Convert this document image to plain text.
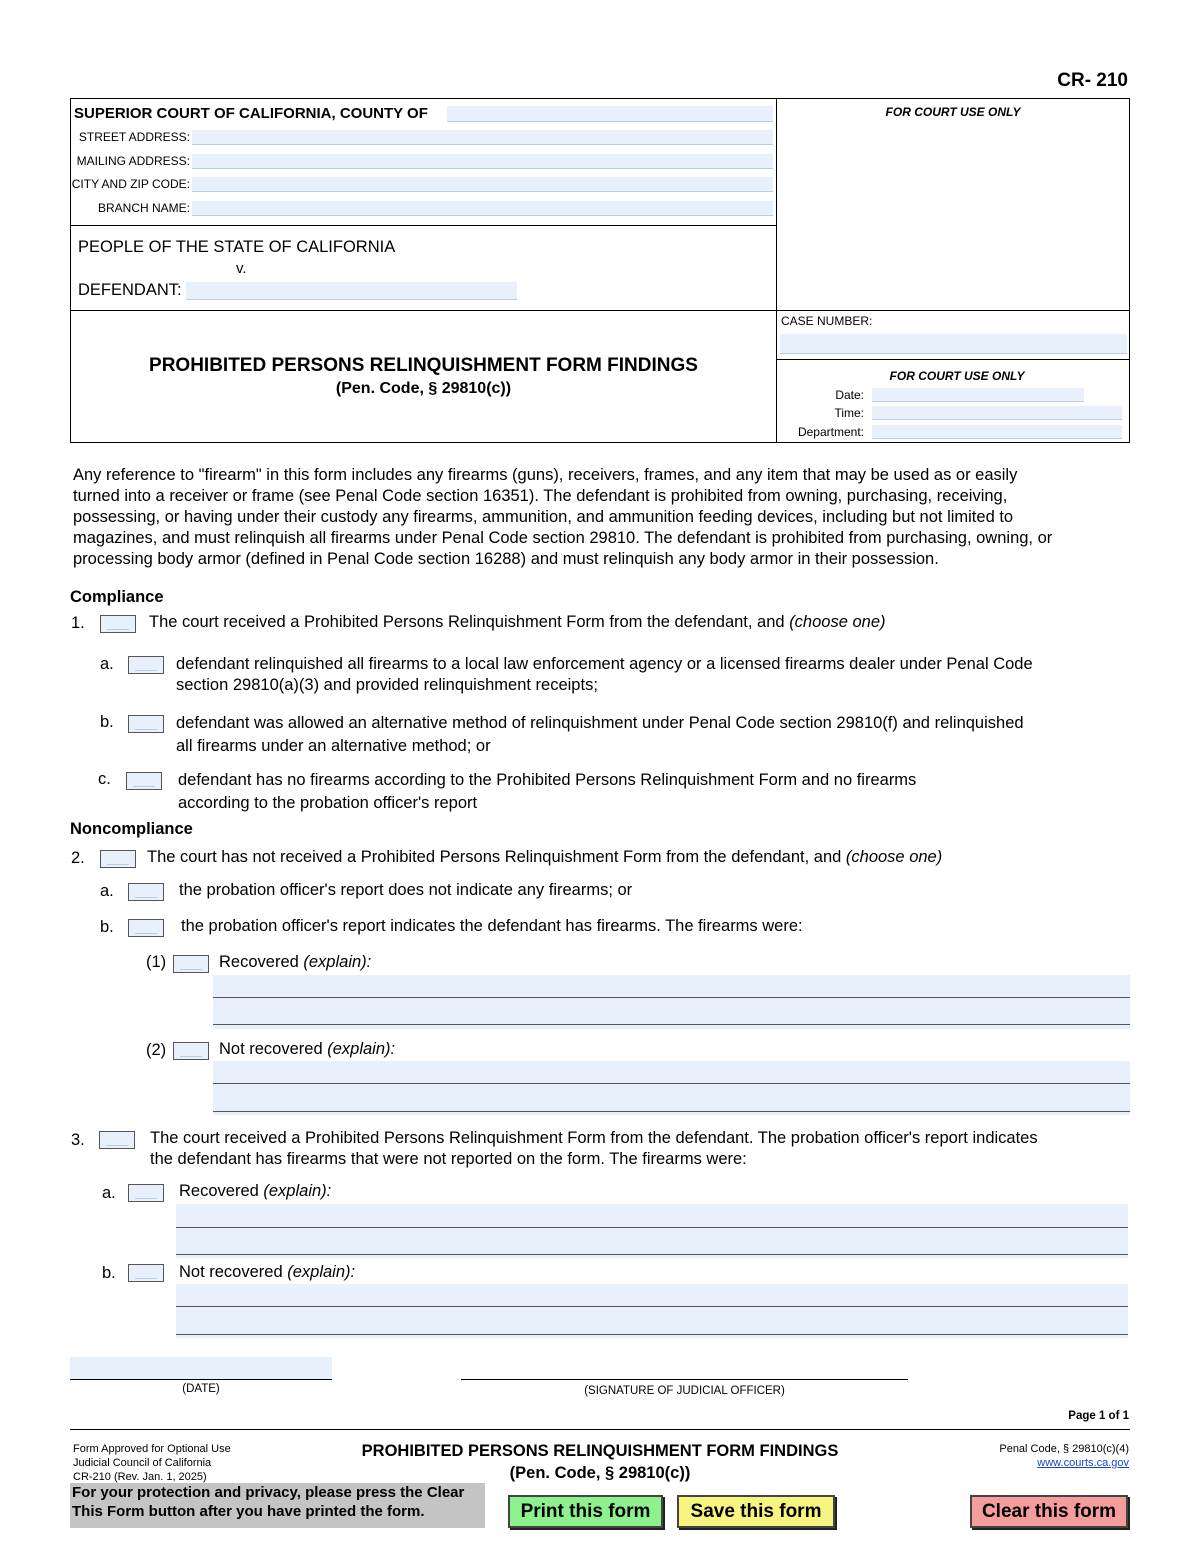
CR- 210
SUPERIOR COURT OF CALIFORNIA, COUNTY OF
STREET ADDRESS:
MAILING ADDRESS:
CITY AND ZIP CODE:
BRANCH NAME:
FOR COURT USE ONLY
PEOPLE OF THE STATE OF CALIFORNIA
v.
DEFENDANT:
CASE NUMBER:
PROHIBITED PERSONS RELINQUISHMENT FORM FINDINGS
(Pen. Code, § 29810(c))
FOR COURT USE ONLY
Date:
Time:
Department:
Any reference to "firearm" in this form includes any firearms (guns), receivers, frames, and any item that may be used as or easily
turned into a receiver or frame (see Penal Code section 16351). The defendant is prohibited from owning, purchasing, receiving,
possessing, or having under their custody any firearms, ammunition, and ammunition feeding devices, including but not limited to
magazines, and must relinquish all firearms under Penal Code section 29810. The defendant is prohibited from purchasing, owning, or
processing body armor (defined in Penal Code section 16288) and must relinquish any body armor in their possession.
Compliance
1.	The court received a Prohibited Persons Relinquishment Form from the defendant, and (choose one)
a.	defendant relinquished all firearms to a local law enforcement agency or a licensed firearms dealer under Penal Code
section 29810(a)(3) and provided relinquishment receipts;
b.	defendant was allowed an alternative method of relinquishment under Penal Code section 29810(f) and relinquished
all firearms under an alternative method; or
c.	defendant has no firearms according to the Prohibited Persons Relinquishment Form and no firearms
according to the probation officer's report
Noncompliance
2.	The court has not received a Prohibited Persons Relinquishment Form from the defendant, and (choose one)
a.	the probation officer's report does not indicate any firearms; or
b.	the probation officer's report indicates the defendant has firearms. The firearms were:
(1)	Recovered (explain):
(2)	Not recovered (explain):
3.	The court received a Prohibited Persons Relinquishment Form from the defendant. The probation officer's report indicates
the defendant has firearms that were not reported on the form. The firearms were:
a.	Recovered (explain):
b.	Not recovered (explain):
(DATE)	(SIGNATURE OF JUDICIAL OFFICER)
Page 1 of 1
Form Approved for Optional Use
Judicial Council of California
CR-210 (Rev. Jan. 1, 2025)
PROHIBITED PERSONS RELINQUISHMENT FORM FINDINGS
(Pen. Code, § 29810(c))
Penal Code, § 29810(c)(4)
www.courts.ca.gov
For your protection and privacy, please press the Clear
This Form button after you have printed the form.	Print this form	Save this form	Clear this form
